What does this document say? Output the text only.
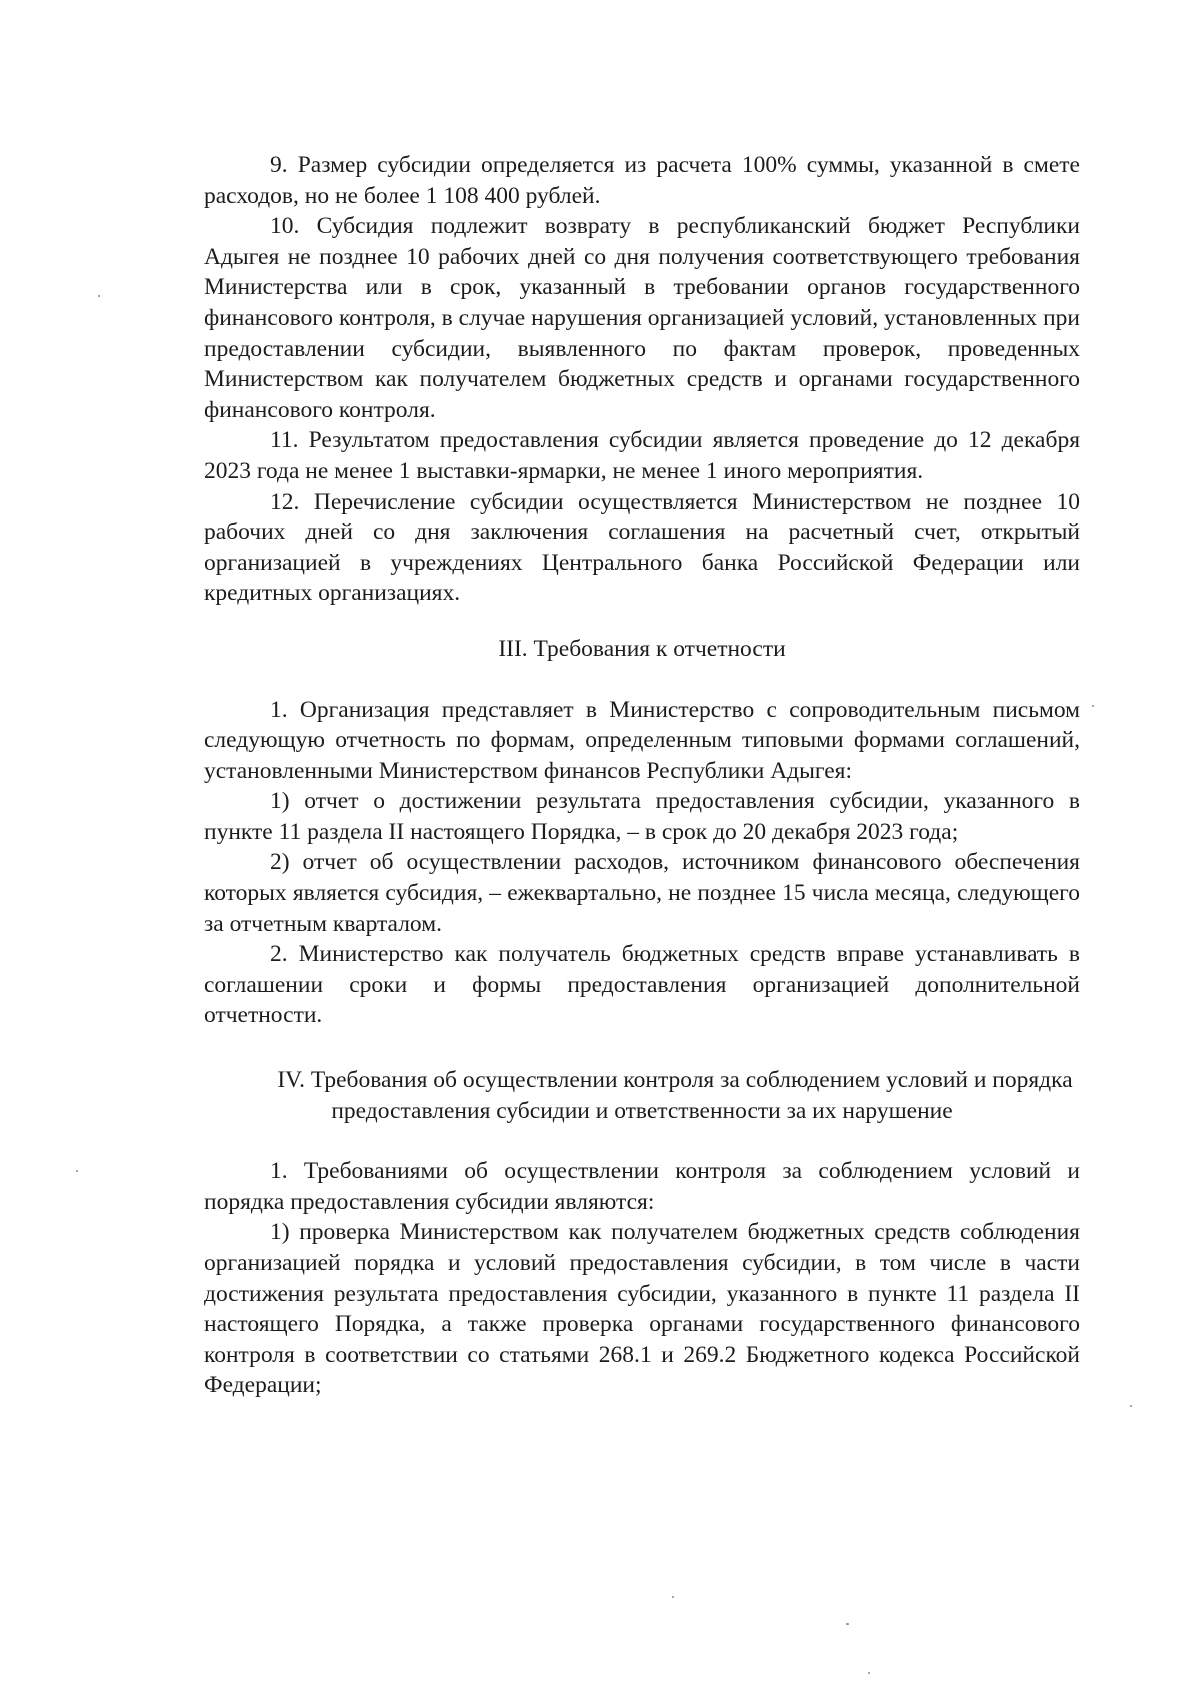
9. Размер субсидии определяется из расчета 100% суммы, указанной в смете расходов, но не более 1 108 400 рублей.

10. Субсидия подлежит возврату в республиканский бюджет Республики Адыгея не позднее 10 рабочих дней со дня получения соответствующего требования Министерства или в срок, указанный в требовании органов государственного финансового контроля, в случае нарушения организацией условий, установленных при предоставлении субсидии, выявленного по фактам проверок, проведенных Министерством как получателем бюджетных средств и органами государственного финансового контроля.

11. Результатом предоставления субсидии является проведение до 12 декабря 2023 года не менее 1 выставки-ярмарки, не менее 1 иного мероприятия.

12. Перечисление субсидии осуществляется Министерством не позднее 10 рабочих дней со дня заключения соглашения на расчетный счет, открытый организацией в учреждениях Центрального банка Российской Федерации или кредитных организациях.

III. Требования к отчетности

1. Организация представляет в Министерство с сопроводительным письмом следующую отчетность по формам, определенным типовыми формами соглашений, установленными Министерством финансов Республики Адыгея:

1) отчет о достижении результата предоставления субсидии, указанного в пункте 11 раздела II настоящего Порядка, – в срок до 20 декабря 2023 года;

2) отчет об осуществлении расходов, источником финансового обеспечения которых является субсидия, – ежеквартально, не позднее 15 числа месяца, следующего за отчетным кварталом.

2. Министерство как получатель бюджетных средств вправе устанавливать в соглашении сроки и формы предоставления организацией дополнительной отчетности.

IV. Требования об осуществлении контроля за соблюдением условий и порядка предоставления субсидии и ответственности за их нарушение

1. Требованиями об осуществлении контроля за соблюдением условий и порядка предоставления субсидии являются:

1) проверка Министерством как получателем бюджетных средств соблюдения организацией порядка и условий предоставления субсидии, в том числе в части достижения результата предоставления субсидии, указанного в пункте 11 раздела II настоящего Порядка, а также проверка органами государственного финансового контроля в соответствии со статьями 268.1 и 269.2 Бюджетного кодекса Российской Федерации;
